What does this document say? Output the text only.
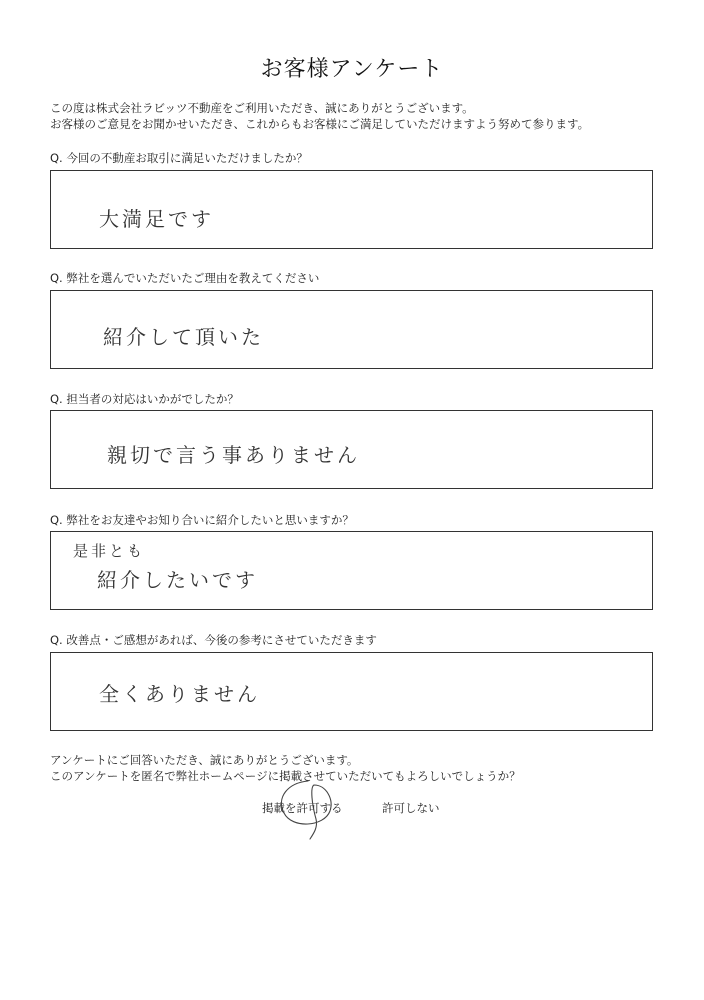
お客様アンケート
この度は株式会社ラビッツ不動産をご利用いただき、誠にありがとうございます。
お客様のご意見をお聞かせいただき、これからもお客様にご満足していただけますよう努めて参ります。
Q. 今回の不動産お取引に満足いただけましたか？
大満足です
Q. 弊社を選んでいただいたご理由を教えてください
紹介して頂いた
Q. 担当者の対応はいかがでしたか？
親切で言う事ありません
Q. 弊社をお友達やお知り合いに紹介したいと思いますか？
是非とも
紹介したいです
Q. 改善点・ご感想があれば、今後の参考にさせていただきます
全くありません
アンケートにご回答いただき、誠にありがとうございます。
このアンケートを匿名で弊社ホームページに掲載させていただいてもよろしいでしょうか？
掲載を許可する	許可しない
